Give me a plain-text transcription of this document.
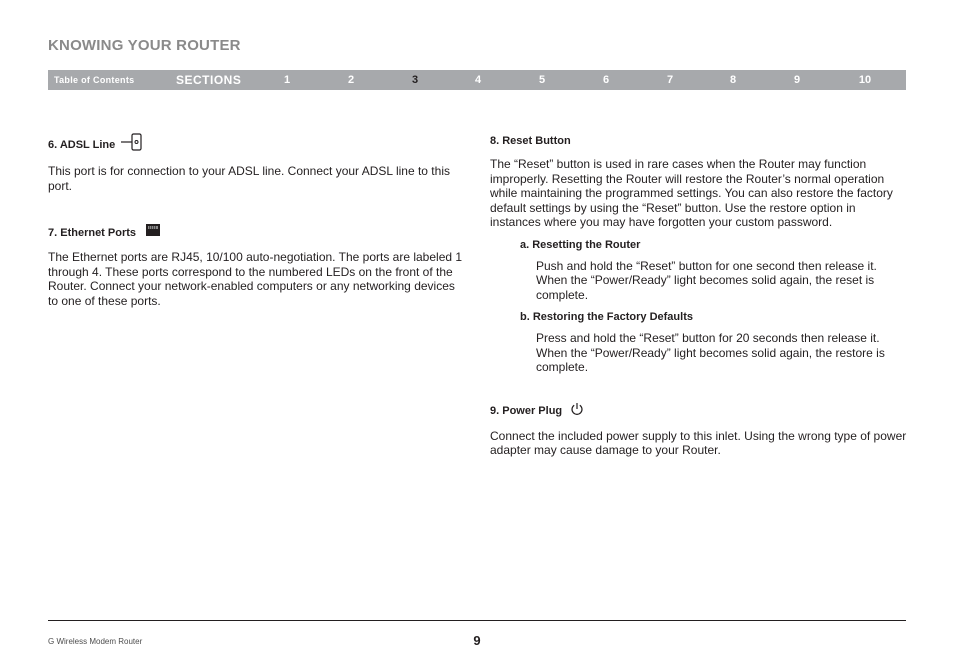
KNOWING YOUR ROUTER
Table of Contents	SECTIONS	1	2	3	4	5	6	7	8	9	10
6. ADSL Line

This port is for connection to your ADSL line. Connect your ADSL line to this port.

7. Ethernet Ports

The Ethernet ports are RJ45, 10/100 auto-negotiation. The ports are labeled 1 through 4. These ports correspond to the numbered LEDs on the front of the Router. Connect your network-enabled computers or any networking devices to one of these ports.

8. Reset Button

The “Reset” button is used in rare cases when the Router may function improperly. Resetting the Router will restore the Router’s normal operation while maintaining the programmed settings. You can also restore the factory default settings by using the “Reset” button. Use the restore option in instances where you may have forgotten your custom password.

a. Resetting the Router

Push and hold the “Reset” button for one second then release it. When the “Power/Ready” light becomes solid again, the reset is complete.

b. Restoring the Factory Defaults

Press and hold the “Reset” button for 20 seconds then release it. When the “Power/Ready” light becomes solid again, the restore is complete.

9. Power Plug

Connect the included power supply to this inlet. Using the wrong type of power adapter may cause damage to your Router.

G Wireless Modem Router	9
